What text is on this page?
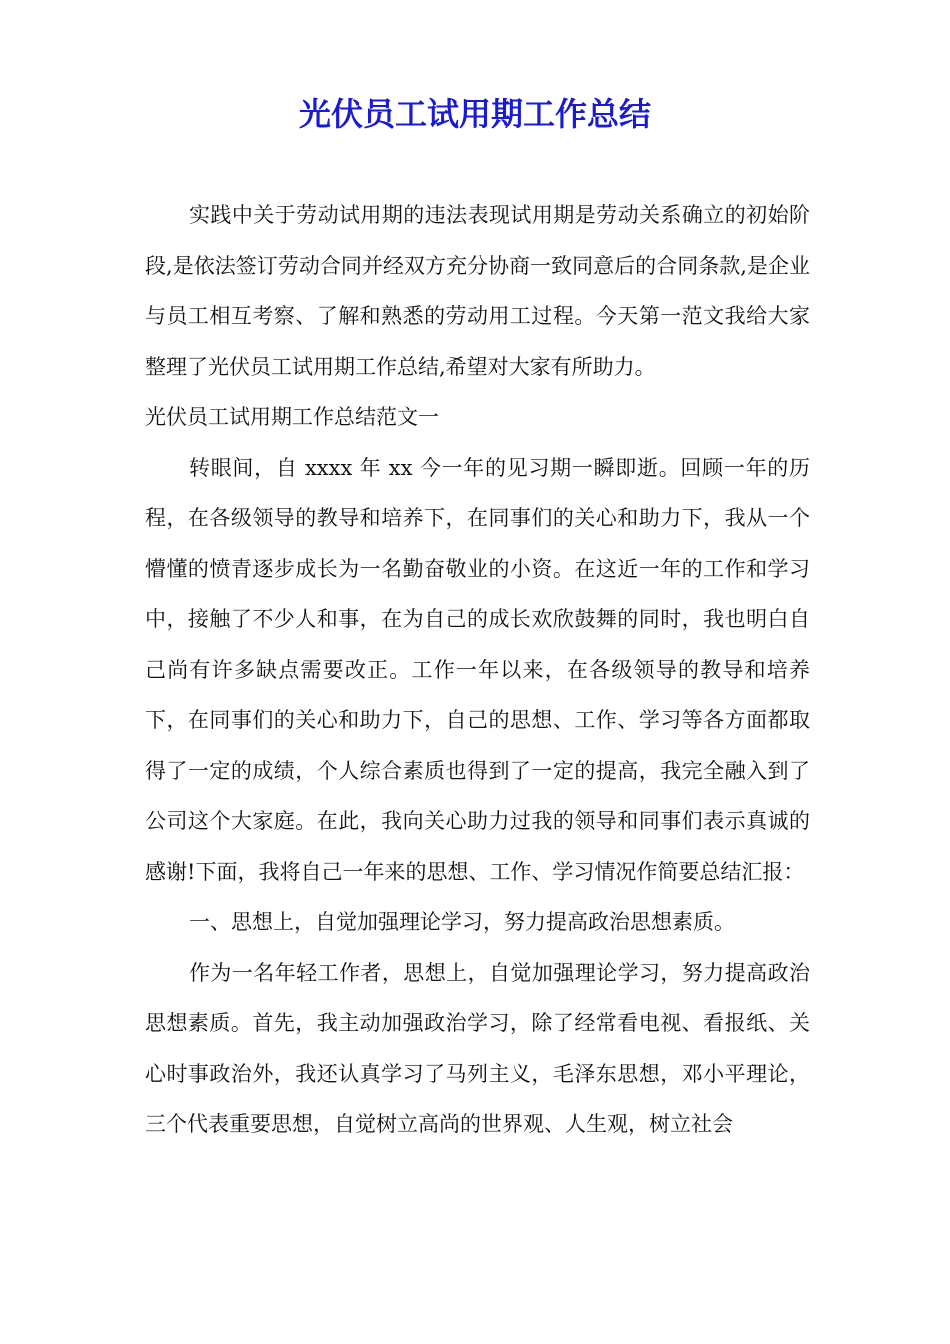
光伏员工试用期工作总结

实践中关于劳动试用期的违法表现试用期是劳动关系确立的初始阶段,是依法签订劳动合同并经双方充分协商一致同意后的合同条款,是企业与员工相互考察、了解和熟悉的劳动用工过程。今天第一范文我给大家整理了光伏员工试用期工作总结,希望对大家有所助力。

光伏员工试用期工作总结范文一

转眼间，自 xxxx 年 xx 今一年的见习期一瞬即逝。回顾一年的历程，在各级领导的教导和培养下，在同事们的关心和助力下，我从一个懵懂的愤青逐步成长为一名勤奋敬业的小资。在这近一年的工作和学习中，接触了不少人和事，在为自己的成长欢欣鼓舞的同时，我也明白自己尚有许多缺点需要改正。工作一年以来，在各级领导的教导和培养下，在同事们的关心和助力下，自己的思想、工作、学习等各方面都取得了一定的成绩，个人综合素质也得到了一定的提高，我完全融入到了公司这个大家庭。在此，我向关心助力过我的领导和同事们表示真诚的感谢!下面，我将自己一年来的思想、工作、学习情况作简要总结汇报：

一、思想上，自觉加强理论学习，努力提高政治思想素质。

作为一名年轻工作者，思想上，自觉加强理论学习，努力提高政治思想素质。首先，我主动加强政治学习，除了经常看电视、看报纸、关心时事政治外，我还认真学习了马列主义，毛泽东思想，邓小平理论，三个代表重要思想，自觉树立高尚的世界观、人生观，树立社会
